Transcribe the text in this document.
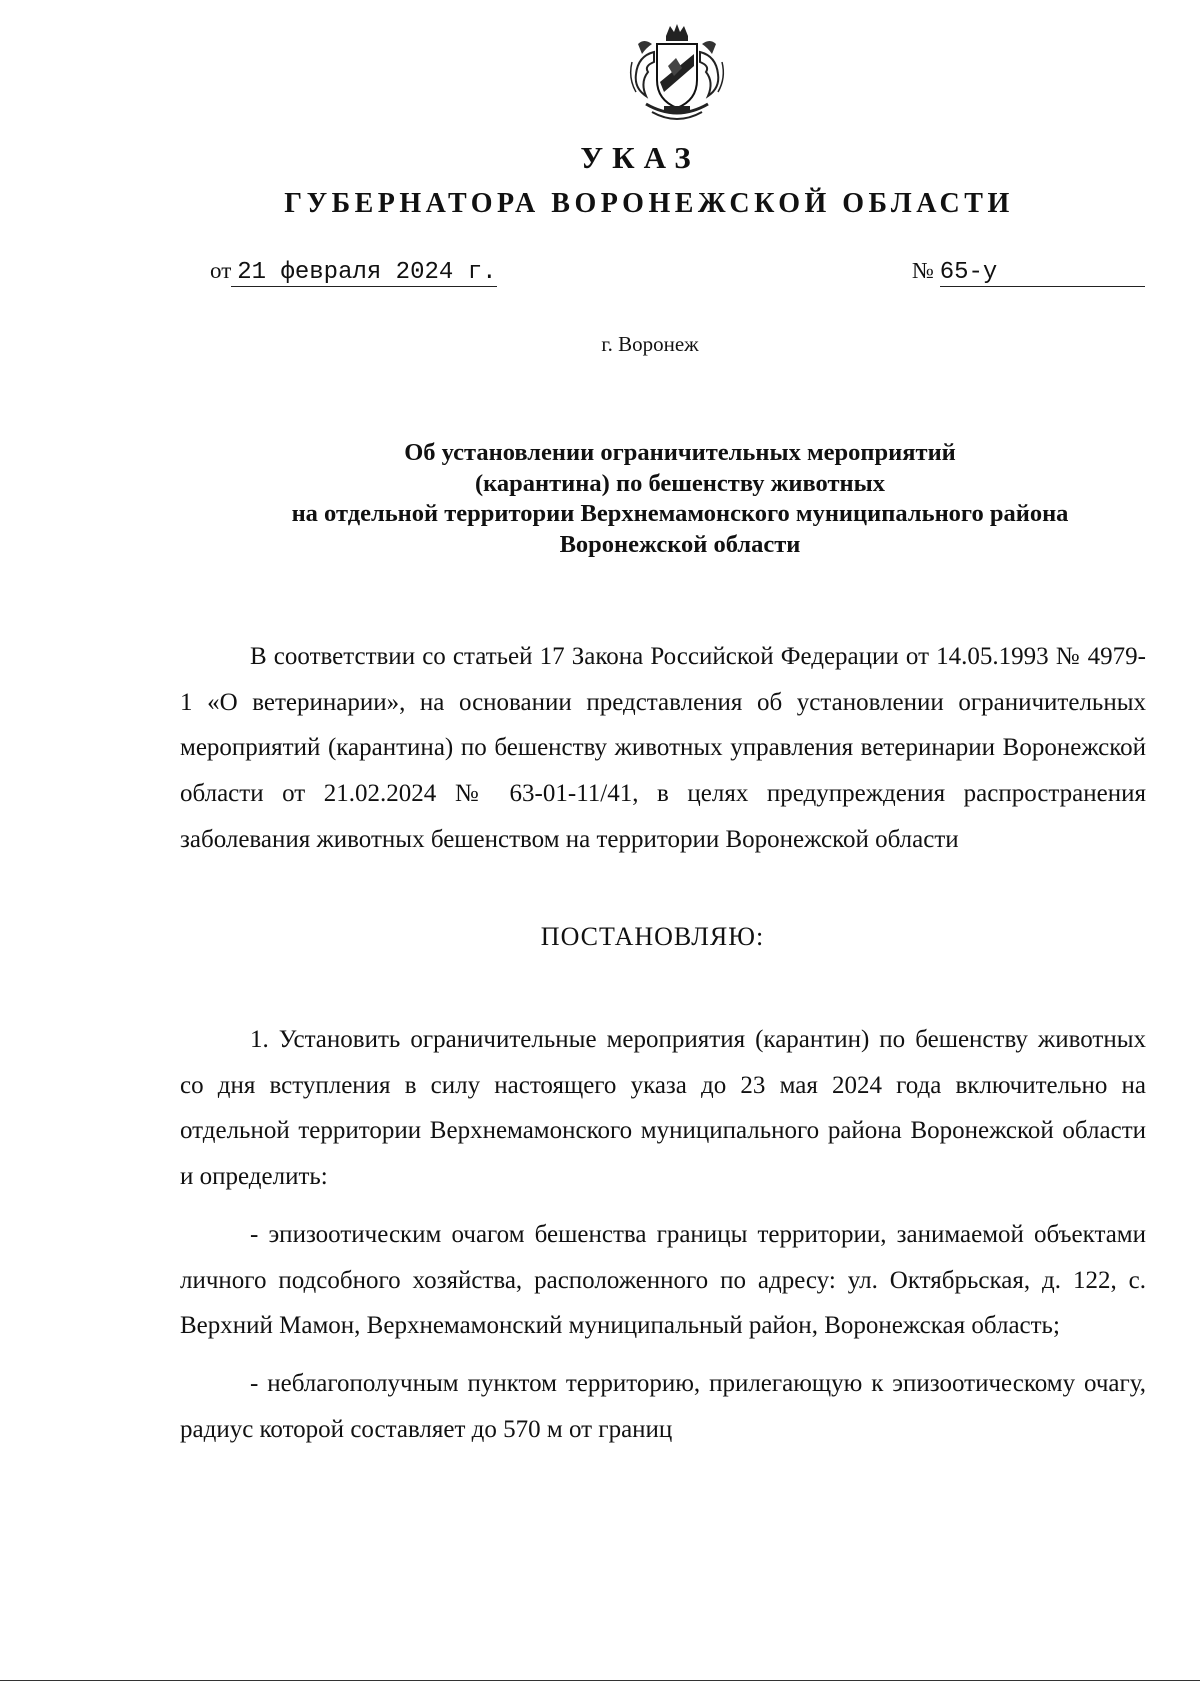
УКАЗ
ГУБЕРНАТОРА ВОРОНЕЖСКОЙ ОБЛАСТИ
от 21 февраля 2024 г.	№ 65-у
г. Воронеж
Об установлении ограничительных мероприятий
(карантина) по бешенству животных
на отдельной территории Верхнемамонского муниципального района
Воронежской области

В соответствии со статьей 17 Закона Российской Федерации от 14.05.1993 № 4979-1 «О ветеринарии», на основании представления об установлении ограничительных мероприятий (карантина) по бешенству животных управления ветеринарии Воронежской области от 21.02.2024 № 63-01-11/41, в целях предупреждения распространения заболевания животных бешенством на территории Воронежской области

ПОСТАНОВЛЯЮ:

1. Установить ограничительные мероприятия (карантин) по бешенству животных со дня вступления в силу настоящего указа до 23 мая 2024 года включительно на отдельной территории Верхнемамонского муниципального района Воронежской области и определить:

- эпизоотическим очагом бешенства границы территории, занимаемой объектами личного подсобного хозяйства, расположенного по адресу: ул. Октябрьская, д. 122, с. Верхний Мамон, Верхнемамонский муниципальный район, Воронежская область;

- неблагополучным пунктом территорию, прилегающую к эпизоотическому очагу, радиус которой составляет до 570 м от границ
